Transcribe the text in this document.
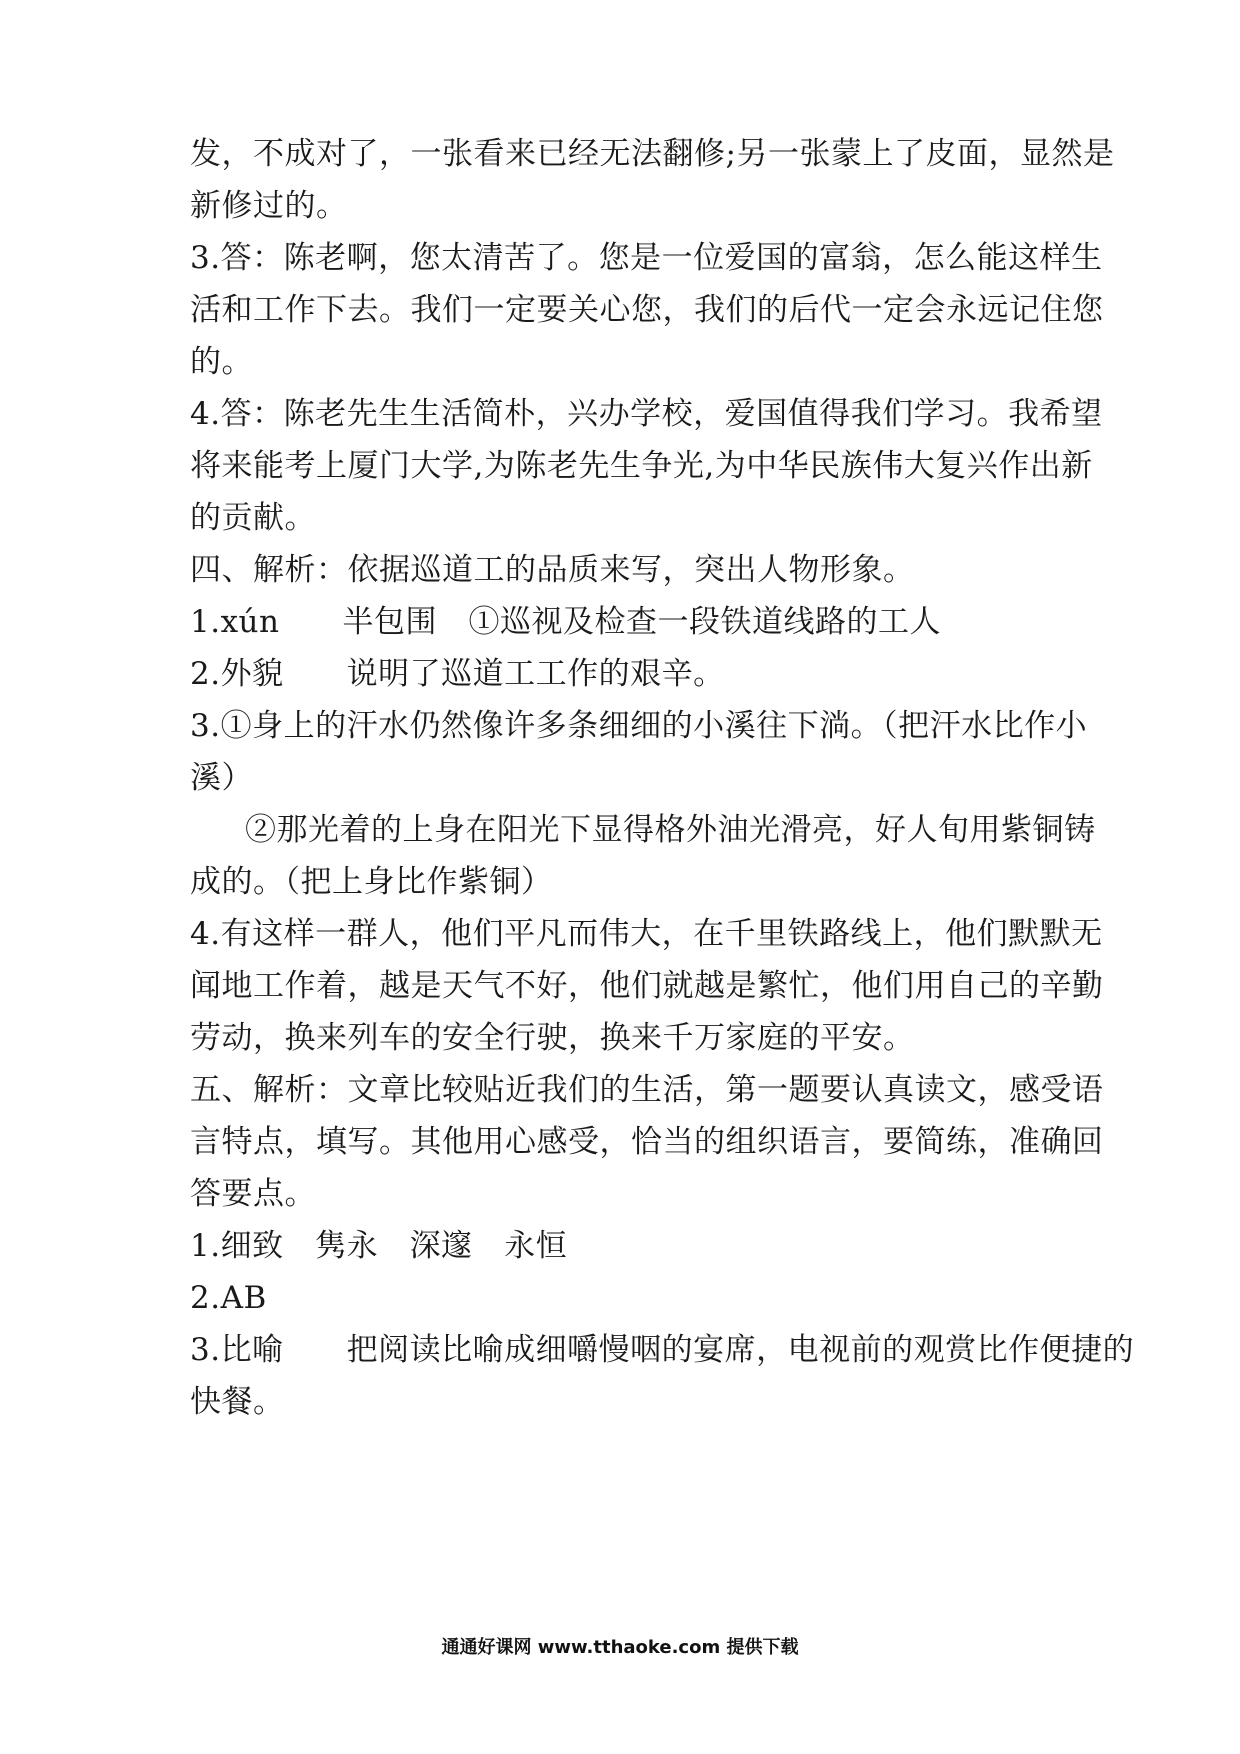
发，不成对了，一张看来已经无法翻修;另一张蒙上了皮面，显然是
新修过的。
3.答：陈老啊，您太清苦了。您是一位爱国的富翁，怎么能这样生
活和工作下去。我们一定要关心您，我们的后代一定会永远记住您
的。
4.答：陈老先生生活简朴，兴办学校，爱国值得我们学习。我希望
将来能考上厦门大学,为陈老先生争光,为中华民族伟大复兴作出新
的贡献。
四、解析：依据巡道工的品质来写，突出人物形象。
1.xún　　半包围　①巡视及检查一段铁道线路的工人
2.外貌　　说明了巡道工工作的艰辛。
3.①身上的汗水仍然像许多条细细的小溪往下淌。（把汗水比作小
溪）
②那光着的上身在阳光下显得格外油光滑亮，好人旬用紫铜铸
成的。（把上身比作紫铜）
4.有这样一群人，他们平凡而伟大，在千里铁路线上，他们默默无
闻地工作着，越是天气不好，他们就越是繁忙，他们用自己的辛勤
劳动，换来列车的安全行驶，换来千万家庭的平安。
五、解析：文章比较贴近我们的生活，第一题要认真读文，感受语
言特点，填写。其他用心感受，恰当的组织语言，要简练，准确回
答要点。
1.细致　隽永　深邃　永恒
2.AB
3.比喻　　把阅读比喻成细嚼慢咽的宴席，电视前的观赏比作便捷的
快餐。
通通好课网 www.tthaoke.com 提供下载
